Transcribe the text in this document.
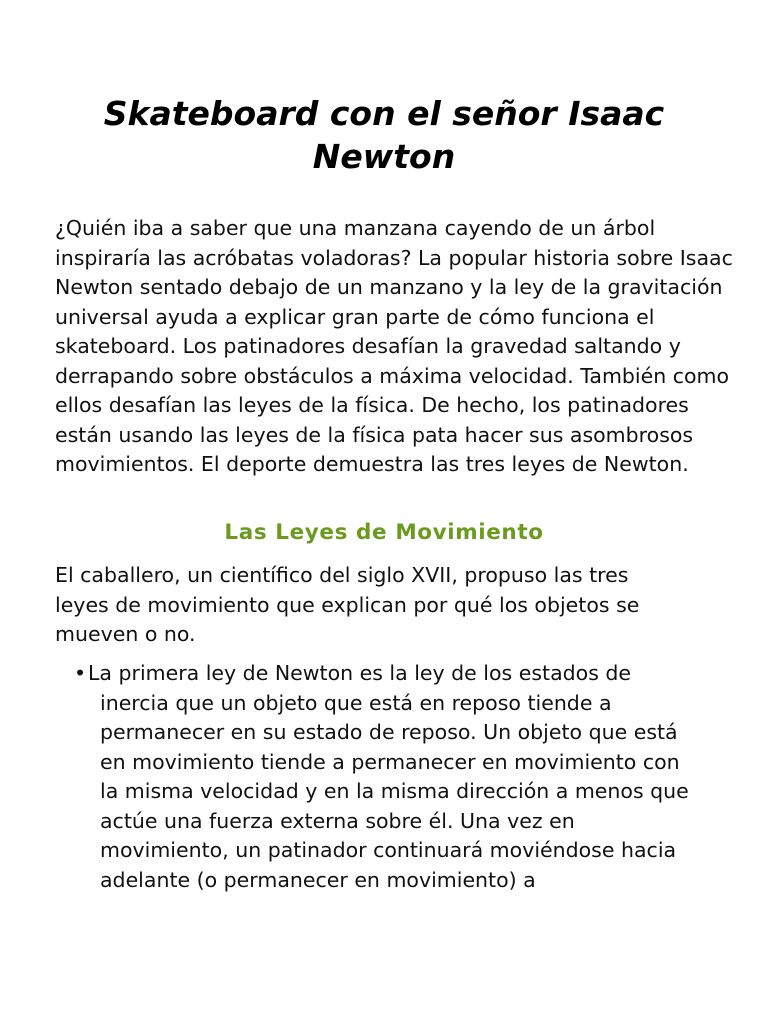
Skateboard con el señor Isaac Newton

¿Quién iba a saber que una manzana cayendo de un árbol inspiraría las acróbatas voladoras? La popular historia sobre Isaac Newton sentado debajo de un manzano y la ley de la gravitación universal ayuda a explicar gran parte de cómo funciona el skateboard. Los patinadores desafían la gravedad saltando y derrapando sobre obstáculos a máxima velocidad. También como ellos desafían las leyes de la física. De hecho, los patinadores están usando las leyes de la física pata hacer sus asombrosos movimientos. El deporte demuestra las tres leyes de Newton.

Las Leyes de Movimiento

El caballero, un científico del siglo XVII, propuso las tres leyes de movimiento que explican por qué los objetos se mueven o no.

• La primera ley de Newton es la ley de los estados de inercia que un objeto que está en reposo tiende a permanecer en su estado de reposo. Un objeto que está en movimiento tiende a permanecer en movimiento con la misma velocidad y en la misma dirección a menos que actúe una fuerza externa sobre él. Una vez en movimiento, un patinador continuará moviéndose hacia adelante (o permanecer en movimiento) a
